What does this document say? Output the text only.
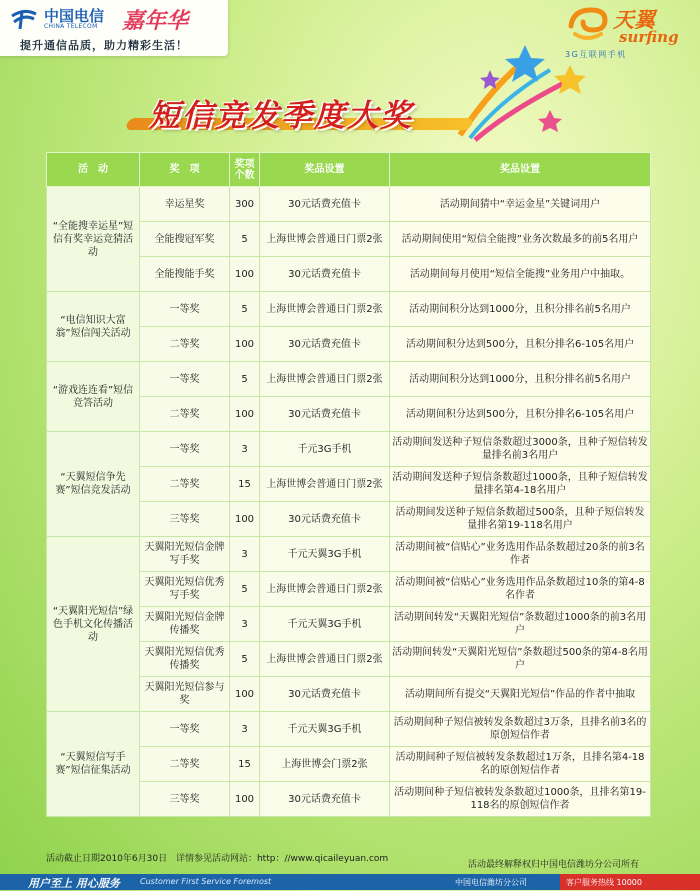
中国电信
CHINA TELECOM 嘉年华
提升通信品质，助力精彩生活！
天翼
surfing
3G互联网手机
短信竞发季度大奖
活　动	奖　项	奖项个数	奖品设置	奖品设置
“全能搜幸运星”短信有奖幸运竞猜活动	幸运星奖	300	30元话费充值卡	活动期间猜中“幸运金星”关键词用户
	全能搜冠军奖	5	上海世博会普通日门票2张	活动期间使用“短信全能搜”业务次数最多的前5名用户
	全能搜能手奖	100	30元话费充值卡	活动期间每月使用“短信全能搜”业务用户中抽取。
“电信知识大富翁”短信闯关活动	一等奖	5	上海世博会普通日门票2张	活动期间积分达到1000分，且积分排名前5名用户
	二等奖	100	30元话费充值卡	活动期间积分达到500分，且积分排名6-105名用户
“游戏连连看”短信竞答活动	一等奖	5	上海世博会普通日门票2张	活动期间积分达到1000分，且积分排名前5名用户
	二等奖	100	30元话费充值卡	活动期间积分达到500分，且积分排名6-105名用户
“天翼短信争先赛”短信竞发活动	一等奖	3	千元3G手机	活动期间发送种子短信条数超过3000条，且种子短信转发量排名前3名用户
	二等奖	15	上海世博会普通日门票2张	活动期间发送种子短信条数超过1000条，且种子短信转发量排名第4-18名用户
	三等奖	100	30元话费充值卡	活动期间发送种子短信条数超过500条，且种子短信转发量排名第19-118名用户
“天翼阳光短信”绿色手机文化传播活动	天翼阳光短信金牌写手奖	3	千元天翼3G手机	活动期间被“信贴心”业务选用作品条数超过20条的前3名作者
	天翼阳光短信优秀写手奖	5	上海世博会普通日门票2张	活动期间被“信贴心”业务选用作品条数超过10条的第4-8名作者
	天翼阳光短信金牌传播奖	3	千元天翼3G手机	活动期间转发“天翼阳光短信”条数超过1000条的前3名用户
	天翼阳光短信优秀传播奖	5	上海世博会普通日门票2张	活动期间转发“天翼阳光短信”条数超过500条的第4-8名用户
	天翼阳光短信参与奖	100	30元话费充值卡	活动期间所有提交“天翼阳光短信”作品的作者中抽取
“天翼短信写手赛”短信征集活动	一等奖	3	千元天翼3G手机	活动期间种子短信被转发条数超过3万条，且排名前3名的原创短信作者
	二等奖	15	上海世博会门票2张	活动期间种子短信被转发条数超过1万条，且排名第4-18名的原创短信作者
	三等奖	100	30元话费充值卡	活动期间种子短信被转发条数超过1000条，且排名第19-118名的原创短信作者
活动截止日期2010年6月30日 详情参见活动网站：http：//www.qicaileyuan.com
活动最终解释权归中国电信潍坊分公司所有
用户至上 用心服务	Customer First Service Foremost	中国电信潍坊分公司	客户服务热线 10000
